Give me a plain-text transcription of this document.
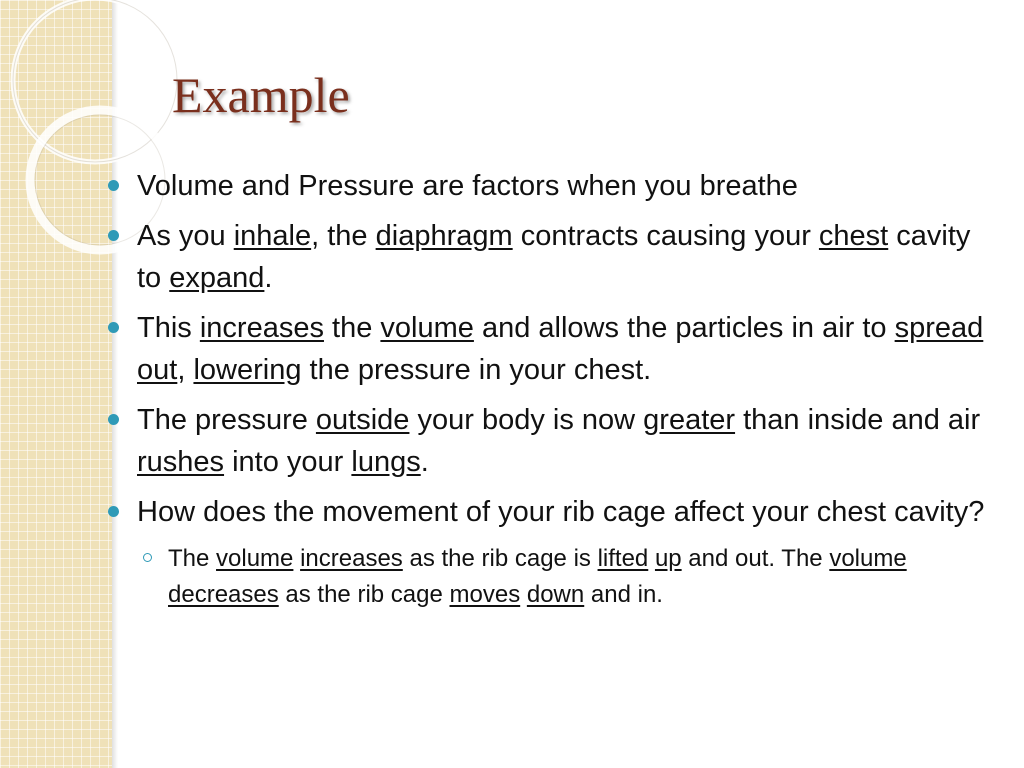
Example
Volume and Pressure are factors when you breathe
As you inhale, the diaphragm contracts causing your chest cavity to expand.
This increases the volume and allows the particles in air to spread out, lowering the pressure in your chest.
The pressure outside your body is now greater than inside and air rushes into your lungs.
How does the movement of your rib cage affect your chest cavity?
The volume increases as the rib cage is lifted up and out. The volume decreases as the rib cage moves down and in.
